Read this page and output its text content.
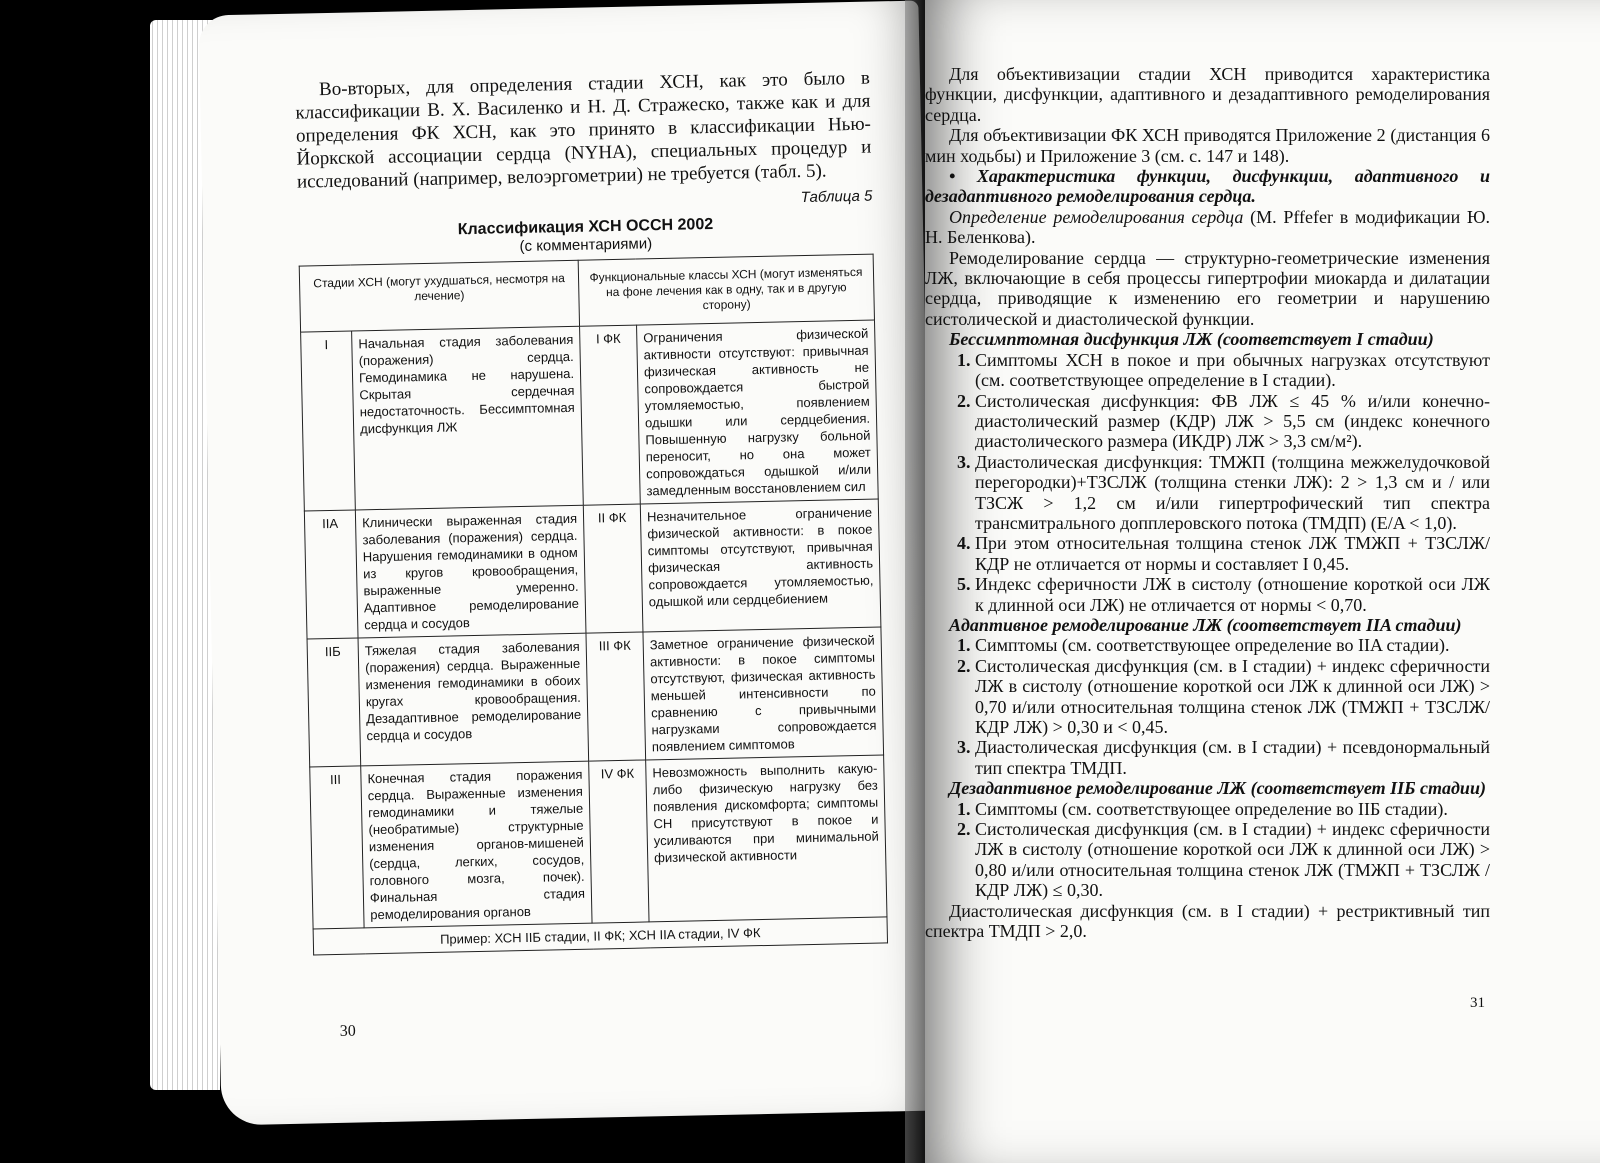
Во-вторых, для определения стадии ХСН, как это было в классификации В. Х. Василенко и Н. Д. Стражеско, также как и для определения ФК ХСН, как это принято в классификации Нью-Йоркской ассоциации сердца (NYHA), специальных процедур и исследований (например, велоэргометрии) не требуется (табл. 5).

Таблица 5

Классификация ХСН ОССН 2002

(с комментариями)

Стадии ХСН (могут ухудшаться, несмотря на лечение)		Функциональные классы ХСН (могут изменяться на фоне лечения как в одну, так и в другую сторону)	
I	Начальная стадия заболевания (поражения) сердца. Гемодинамика не нарушена. Скрытая сердечная недостаточность. Бессимптомная дисфункция ЛЖ	I ФК	Ограничения физической активности отсутствуют: привычная физическая активность не сопровождается быстрой утомляемостью, появлением одышки или сердцебиения. Повышенную нагрузку больной переносит, но она может сопровождаться одышкой и/или замедленным восстановлением сил
IIA	Клинически выраженная стадия заболевания (поражения) сердца. Нарушения гемодинамики в одном из кругов кровообращения, выраженные умеренно. Адаптивное ремоделирование сердца и сосудов	II ФК	Незначительное ограничение физической активности: в покое симптомы отсутствуют, привычная физическая активность сопровождается утомляемостью, одышкой или сердцебиением
IIБ	Тяжелая стадия заболевания (поражения) сердца. Выраженные изменения гемодинамики в обоих кругах кровообращения. Дезадаптивное ремоделирование сердца и сосудов	III ФК	Заметное ограничение физической активности: в покое симптомы отсутствуют, физическая активность меньшей интенсивности по сравнению с привычными нагрузками сопровождается появлением симптомов
III	Конечная стадия поражения сердца. Выраженные изменения гемодинамики и тяжелые (необратимые) структурные изменения органов-мишеней (сердца, легких, сосудов, головного мозга, почек). Финальная стадия ремоделирования органов	IV ФК	Невозможность выполнить какую-либо физическую нагрузку без появления дискомфорта; симптомы СН присутствуют в покое и усиливаются при минимальной физической активности
Пример: ХСН IIБ стадии, II ФК; ХСН IIA стадии, IV ФК			
30

Для объективизации стадии ХСН приводится характеристика функции, дисфункции, адаптивного и дезадаптивного ремоделирования сердца.

Для объективизации ФК ХСН приводятся Приложение 2 (дистанция 6 мин ходьбы) и Приложение 3 (см. с. 147 и 148).

• Характеристика функции, дисфункции, адаптивного и дезадаптивного ремоделирования сердца.

Определение ремоделирования сердца (M. Pffefer в модификации Ю. Н. Беленкова).

Ремоделирование сердца — структурно-геометрические изменения ЛЖ, включающие в себя процессы гипертрофии миокарда и дилатации сердца, приводящие к изменению его геометрии и нарушению систолической и диастолической функции.

Бессимптомная дисфункция ЛЖ (соответствует I стадии)

1. Симптомы ХСН в покое и при обычных нагрузках отсутствуют (см. соответствующее определение в I стадии).
2. Систолическая дисфункция: ФВ ЛЖ ≤ 45 % и/или конечно-диастолический размер (КДР) ЛЖ > 5,5 см (индекс конечного диастолического размера (ИКДР) ЛЖ > 3,3 см/м²).
3. Диастолическая дисфункция: ТМЖП (толщина межжелудочковой перегородки)+ТЗСЛЖ (толщина стенки ЛЖ): 2 > 1,3 см и / или ТЗСЖ > 1,2 см и/или гипертрофический тип спектра трансмитрального допплеровского потока (ТМДП) (E/A < 1,0).
4. При этом относительная толщина стенок ЛЖ ТМЖП + ТЗСЛЖ/КДР не отличается от нормы и составляет I 0,45.
5. Индекс сферичности ЛЖ в систолу (отношение короткой оси ЛЖ к длинной оси ЛЖ) не отличается от нормы < 0,70.

Адаптивное ремоделирование ЛЖ (соответствует IIA стадии)

1. Симптомы (см. соответствующее определение во IIA стадии).
2. Систолическая дисфункция (см. в I стадии) + индекс сферичности ЛЖ в систолу (отношение короткой оси ЛЖ к длинной оси ЛЖ) > 0,70 и/или относительная толщина стенок ЛЖ (ТМЖП + ТЗСЛЖ/КДР ЛЖ) > 0,30 и < 0,45.
3. Диастолическая дисфункция (см. в I стадии) + псевдонормальный тип спектра ТМДП.

Дезадаптивное ремоделирование ЛЖ (соответствует IIБ стадии)

1. Симптомы (см. соответствующее определение во IIБ стадии).
2. Систолическая дисфункция (см. в I стадии) + индекс сферичности ЛЖ в систолу (отношение короткой оси ЛЖ к длинной оси ЛЖ) > 0,80 и/или относительная толщина стенок ЛЖ (ТМЖП + ТЗСЛЖ / КДР ЛЖ) ≤ 0,30.

Диастолическая дисфункция (см. в I стадии) + рестриктивный тип спектра ТМДП > 2,0.

31
